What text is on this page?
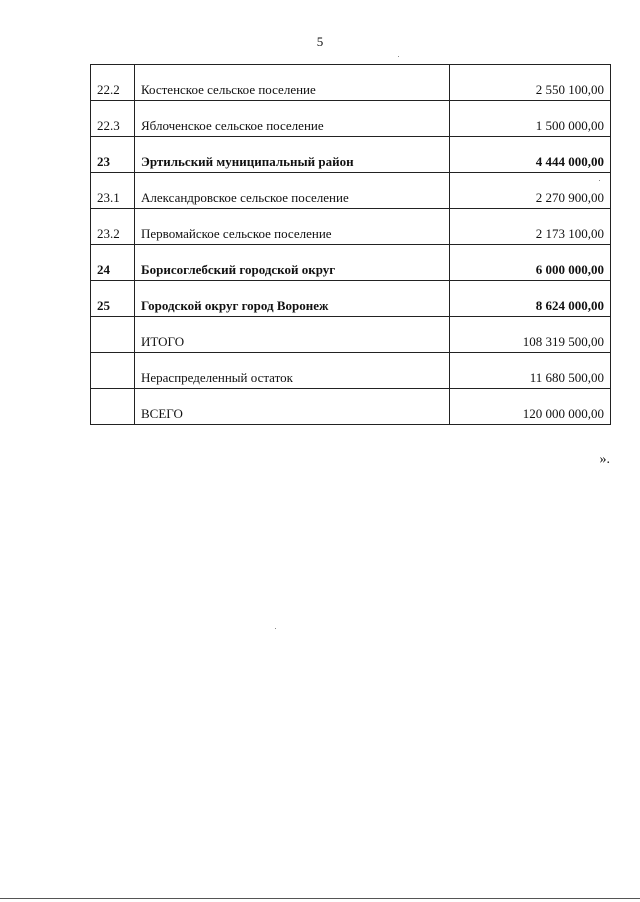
5
22.2	Костенское сельское поселение	2 550 100,00
22.3	Яблоченское сельское поселение	1 500 000,00
23	Эртильский муниципальный район	4 444 000,00
23.1	Александровское сельское поселение	2 270 900,00
23.2	Первомайское сельское поселение	2 173 100,00
24	Борисоглебский городской округ	6 000 000,00
25	Городской округ город Воронеж	8 624 000,00
	ИТОГО	108 319 500,00
	Нераспределенный остаток	11 680 500,00
	ВСЕГО	120 000 000,00
».
